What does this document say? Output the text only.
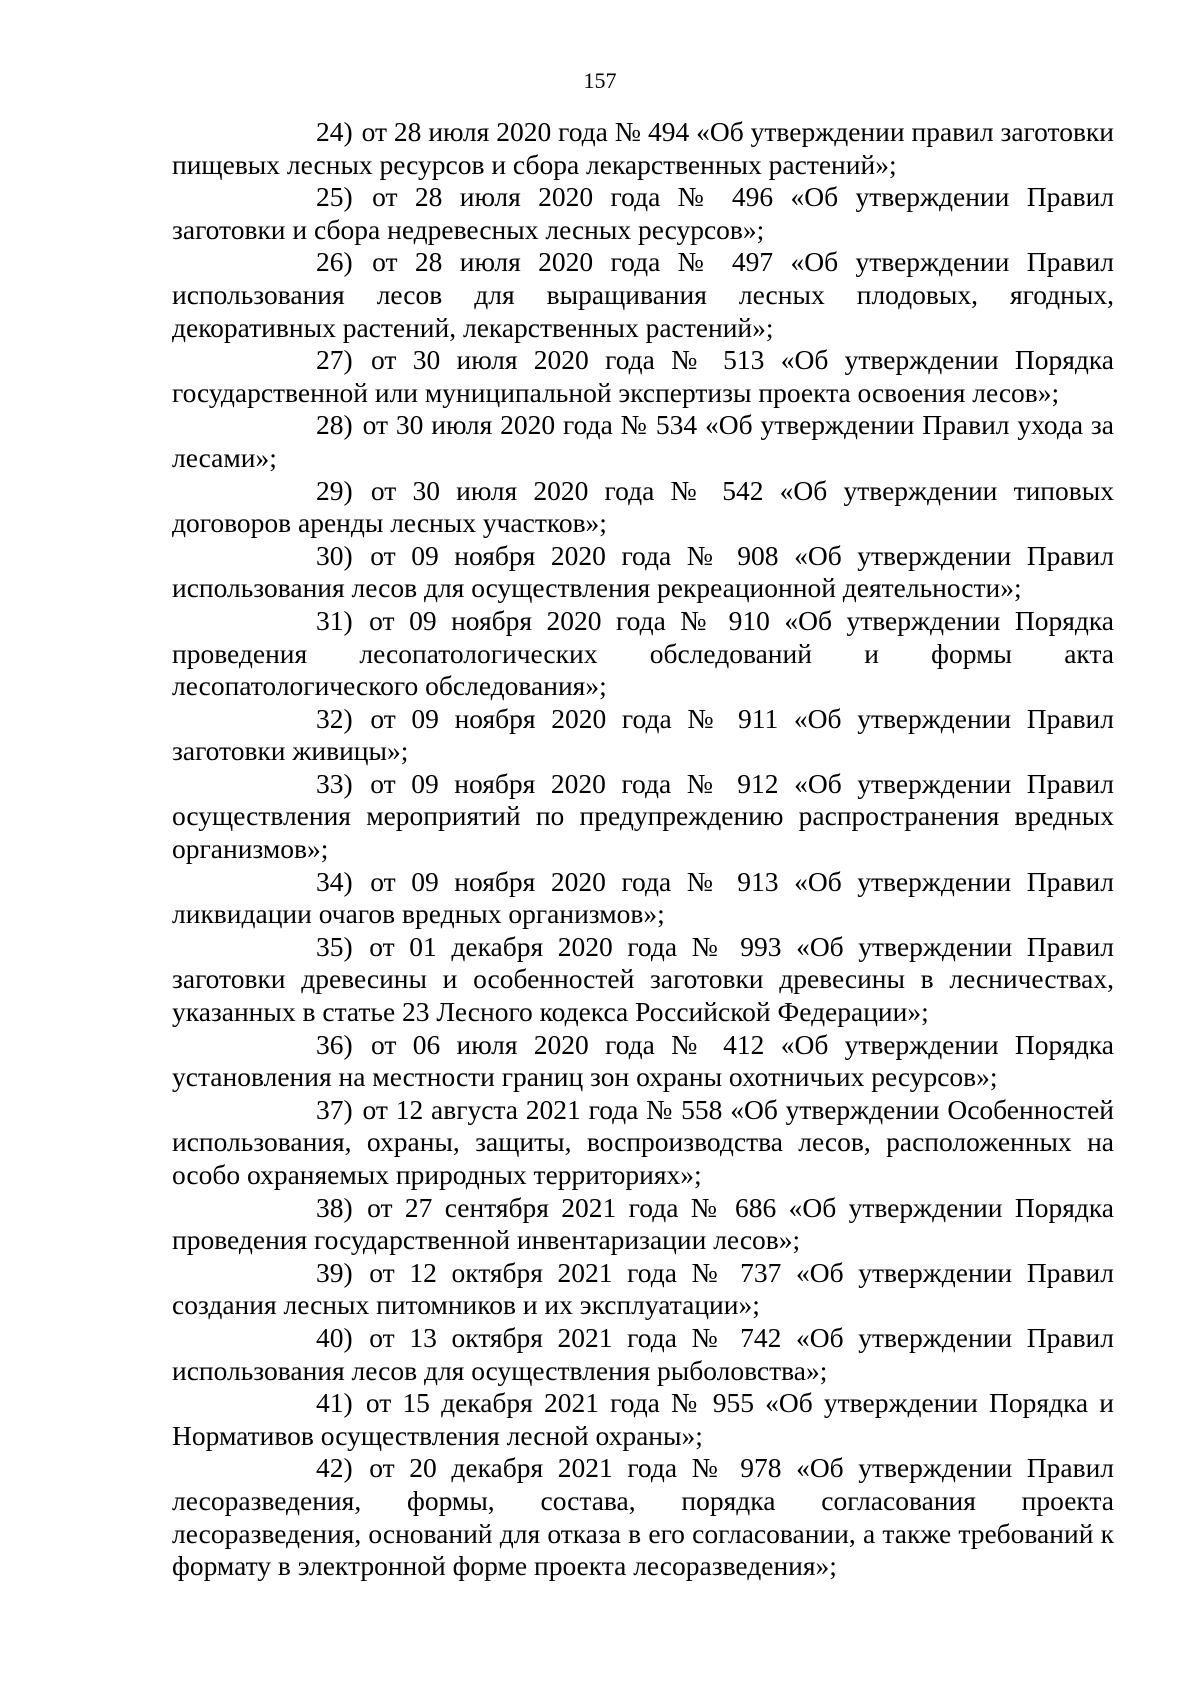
157

24) от 28 июля 2020 года № 494 «Об утверждении правил заготовки пищевых лесных ресурсов и сбора лекарственных растений»;

25) от 28 июля 2020 года № 496 «Об утверждении Правил заготовки и сбора недревесных лесных ресурсов»;

26) от 28 июля 2020 года № 497 «Об утверждении Правил использования лесов для выращивания лесных плодовых, ягодных, декоративных растений, лекарственных растений»;

27) от 30 июля 2020 года № 513 «Об утверждении Порядка государственной или муниципальной экспертизы проекта освоения лесов»;

28) от 30 июля 2020 года № 534 «Об утверждении Правил ухода за лесами»;

29) от 30 июля 2020 года № 542 «Об утверждении типовых договоров аренды лесных участков»;

30) от 09 ноября 2020 года № 908 «Об утверждении Правил использования лесов для осуществления рекреационной деятельности»;

31) от 09 ноября 2020 года № 910 «Об утверждении Порядка проведения лесопатологических обследований и формы акта лесопатологического обследования»;

32) от 09 ноября 2020 года № 911 «Об утверждении Правил заготовки живицы»;

33) от 09 ноября 2020 года № 912 «Об утверждении Правил осуществления мероприятий по предупреждению распространения вредных организмов»;

34) от 09 ноября 2020 года № 913 «Об утверждении Правил ликвидации очагов вредных организмов»;

35) от 01 декабря 2020 года № 993 «Об утверждении Правил заготовки древесины и особенностей заготовки древесины в лесничествах, указанных в статье 23 Лесного кодекса Российской Федерации»;

36) от 06 июля 2020 года № 412 «Об утверждении Порядка установления на местности границ зон охраны охотничьих ресурсов»;

37) от 12 августа 2021 года № 558 «Об утверждении Особенностей использования, охраны, защиты, воспроизводства лесов, расположенных на особо охраняемых природных территориях»;

38) от 27 сентября 2021 года № 686 «Об утверждении Порядка проведения государственной инвентаризации лесов»;

39) от 12 октября 2021 года № 737 «Об утверждении Правил создания лесных питомников и их эксплуатации»;

40) от 13 октября 2021 года № 742 «Об утверждении Правил использования лесов для осуществления рыболовства»;

41) от 15 декабря 2021 года № 955 «Об утверждении Порядка и Нормативов осуществления лесной охраны»;

42) от 20 декабря 2021 года № 978 «Об утверждении Правил лесоразведения, формы, состава, порядка согласования проекта лесоразведения, оснований для отказа в его согласовании, а также требований к формату в электронной форме проекта лесоразведения»;
